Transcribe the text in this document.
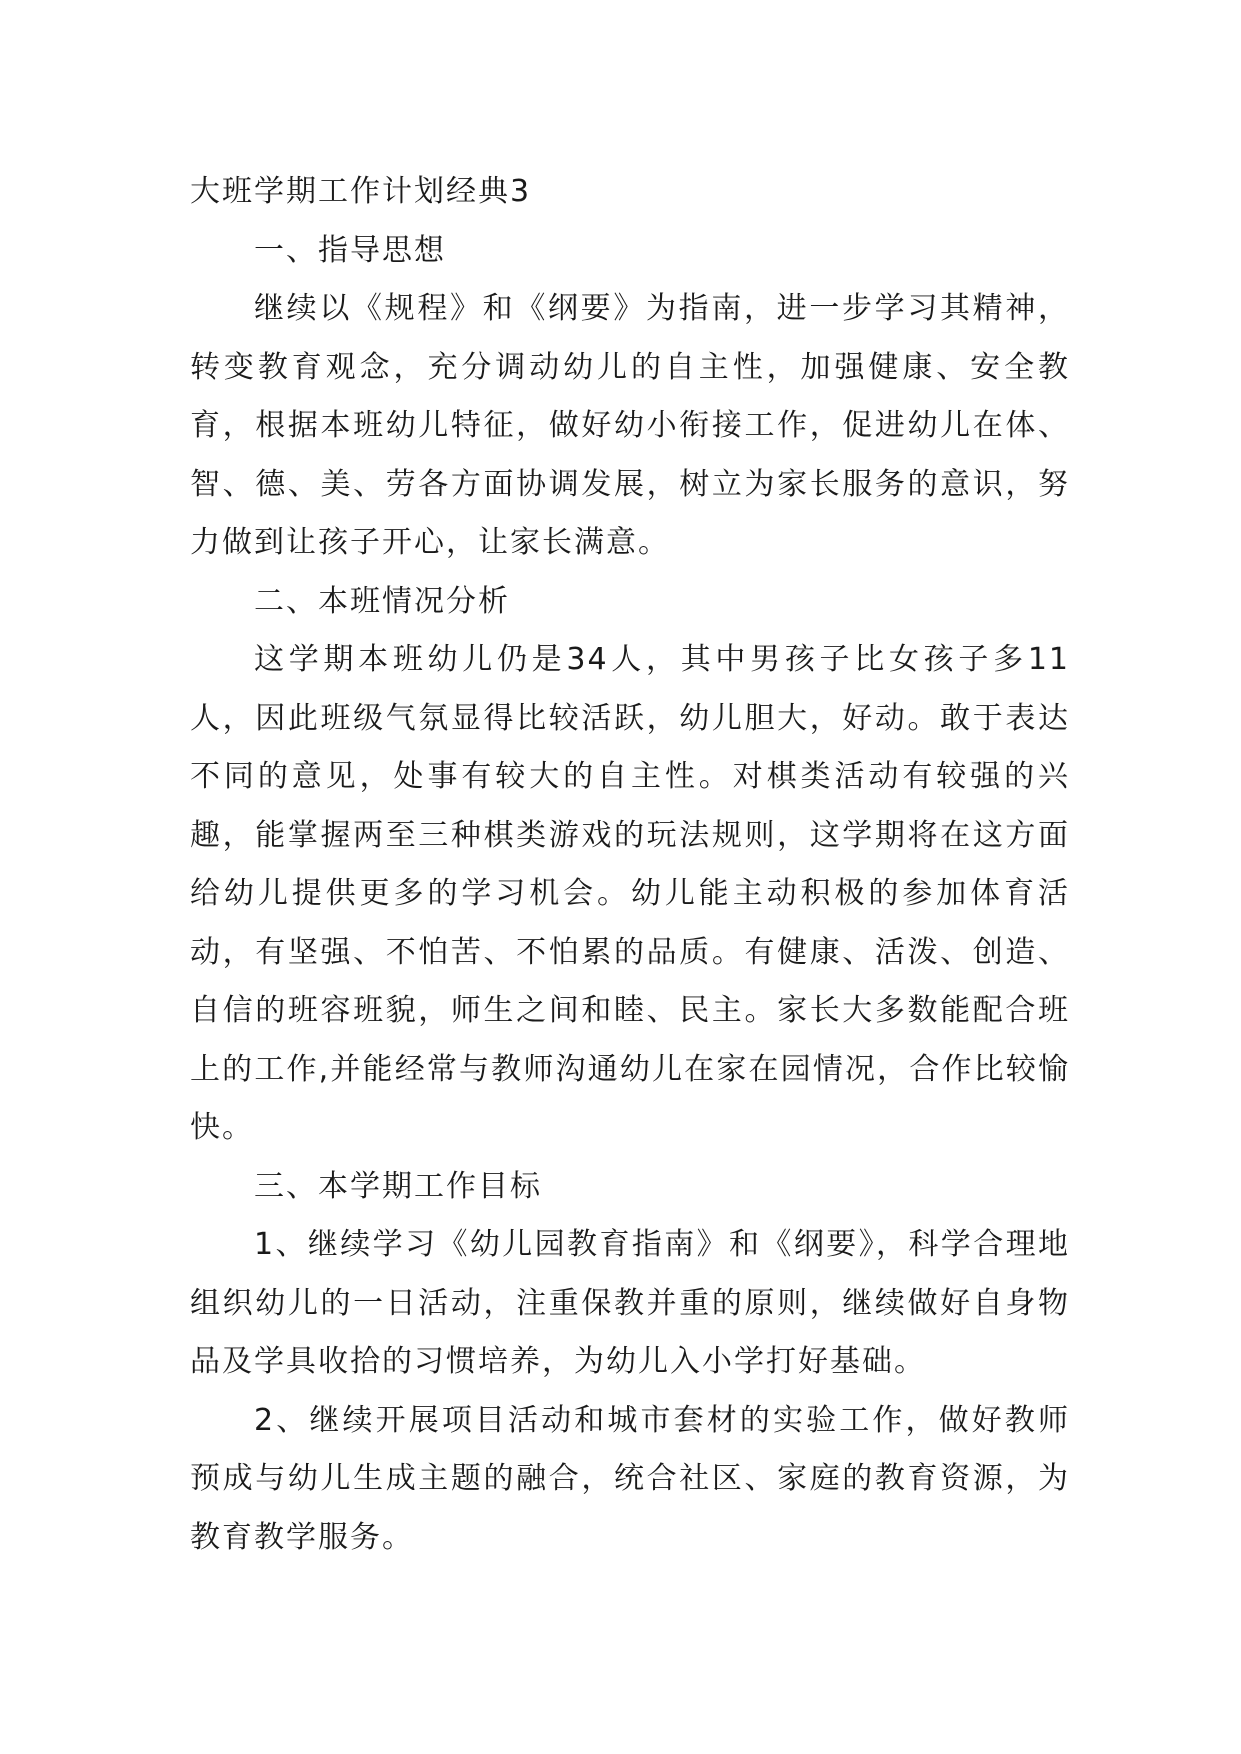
大班学期工作计划经典3

一、指导思想

继续以《规程》和《纲要》为指南，进一步学习其精神，转变教育观念，充分调动幼儿的自主性，加强健康、安全教育，根据本班幼儿特征，做好幼小衔接工作，促进幼儿在体、智、德、美、劳各方面协调发展，树立为家长服务的意识，努力做到让孩子开心，让家长满意。

二、本班情况分析

这学期本班幼儿仍是34人，其中男孩子比女孩子多11人，因此班级气氛显得比较活跃，幼儿胆大，好动。敢于表达不同的意见，处事有较大的自主性。对棋类活动有较强的兴趣，能掌握两至三种棋类游戏的玩法规则，这学期将在这方面给幼儿提供更多的学习机会。幼儿能主动积极的参加体育活动，有坚强、不怕苦、不怕累的品质。有健康、活泼、创造、自信的班容班貌，师生之间和睦、民主。家长大多数能配合班上的工作,并能经常与教师沟通幼儿在家在园情况，合作比较愉快。

三、本学期工作目标

1、继续学习《幼儿园教育指南》和《纲要》，科学合理地组织幼儿的一日活动，注重保教并重的原则，继续做好自身物品及学具收拾的习惯培养，为幼儿入小学打好基础。

2、继续开展项目活动和城市套材的实验工作，做好教师预成与幼儿生成主题的融合，统合社区、家庭的教育资源，为教育教学服务。
